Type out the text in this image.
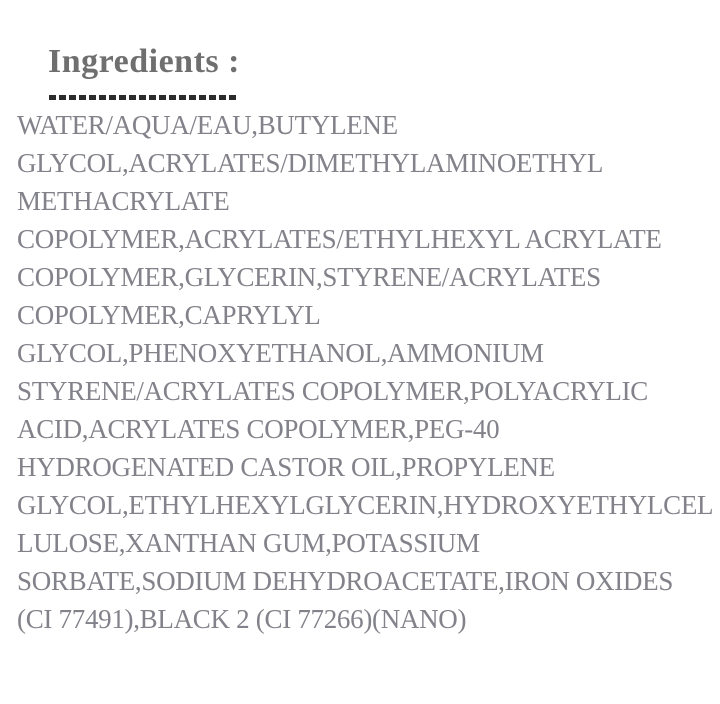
Ingredients :
WATER/AQUA/EAU,BUTYLENE
GLYCOL,ACRYLATES/DIMETHYLAMINOETHYL
METHACRYLATE
COPOLYMER,ACRYLATES/ETHYLHEXYL ACRYLATE
COPOLYMER,GLYCERIN,STYRENE/ACRYLATES
COPOLYMER,CAPRYLYL
GLYCOL,PHENOXYETHANOL,AMMONIUM
STYRENE/ACRYLATES COPOLYMER,POLYACRYLIC
ACID,ACRYLATES COPOLYMER,PEG-40
HYDROGENATED CASTOR OIL,PROPYLENE
GLYCOL,ETHYLHEXYLGLYCERIN,HYDROXYETHYLCEL
LULOSE,XANTHAN GUM,POTASSIUM
SORBATE,SODIUM DEHYDROACETATE,IRON OXIDES
(CI 77491),BLACK 2 (CI 77266)(NANO)
